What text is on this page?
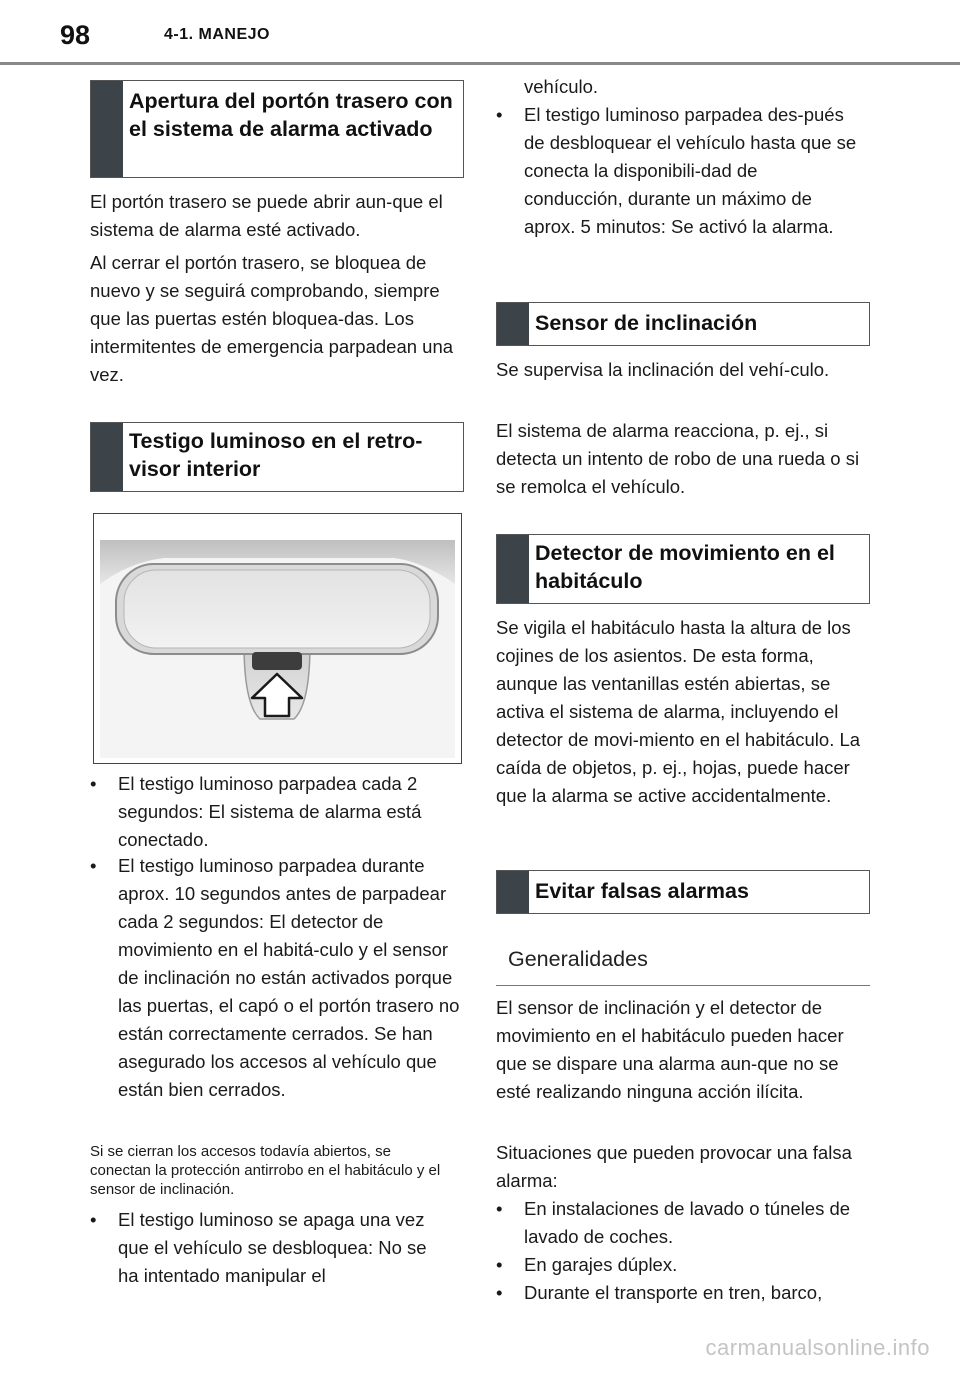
98	4-1. MANEJO
Apertura del portón trasero con el sistema de alarma activado

El portón trasero se puede abrir aun-que el sistema de alarma esté activado.

Al cerrar el portón trasero, se bloquea de nuevo y se seguirá comprobando, siempre que las puertas estén bloquea-das. Los intermitentes de emergencia parpadean una vez.

Testigo luminoso en el retro-visor interior
•	El testigo luminoso parpadea cada 2 segundos: El sistema de alarma está conectado.
•	El testigo luminoso parpadea durante aprox. 10 segundos antes de parpadear cada 2 segundos: El detector de movimiento en el habitá-culo y el sensor de inclinación no están activados porque las puertas, el capó o el portón trasero no están correctamente cerrados. Se han asegurado los accesos al vehículo que están bien cerrados.

Si se cierran los accesos todavía abiertos, se conectan la protección antirrobo en el habitáculo y el sensor de inclinación.

•	El testigo luminoso se apaga una vez que el vehículo se desbloquea: No se ha intentado manipular el

vehículo.

•	El testigo luminoso parpadea des-pués de desbloquear el vehículo hasta que se conecta la disponibili-dad de conducción, durante un máximo de aprox. 5 minutos: Se activó la alarma.
Sensor de inclinación

Se supervisa la inclinación del vehí-culo.

El sistema de alarma reacciona, p. ej., si detecta un intento de robo de una rueda o si se remolca el vehículo.

Detector de movimiento en el habitáculo

Se vigila el habitáculo hasta la altura de los cojines de los asientos. De esta forma, aunque las ventanillas estén abiertas, se activa el sistema de alarma, incluyendo el detector de movi-miento en el habitáculo. La caída de objetos, p. ej., hojas, puede hacer que la alarma se active accidentalmente.

Evitar falsas alarmas
Generalidades

El sensor de inclinación y el detector de movimiento en el habitáculo pueden hacer que se dispare una alarma aun-que no se esté realizando ninguna acción ilícita.

Situaciones que pueden provocar una falsa alarma:

•	En instalaciones de lavado o túneles de lavado de coches.
•	En garajes dúplex.
•	Durante el transporte en tren, barco,
carmanualsonline.info
